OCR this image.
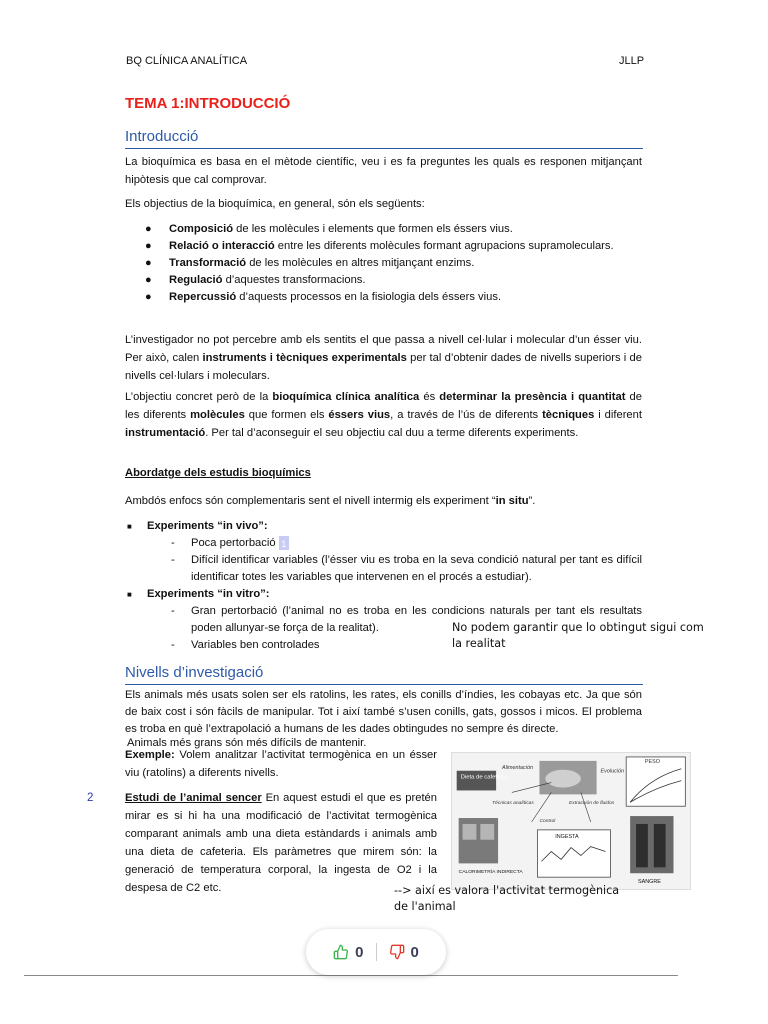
BQ CLÍNICA ANALÍTICA	JLLP
TEMA 1:INTRODUCCIÓ
Introducció
La bioquímica es basa en el mètode científic, veu i es fa preguntes les quals es responen mitjançant hipòtesis que cal comprovar.
Els objectius de la bioquímica, en general, són els següents:
● Composició de les molècules i elements que formen els éssers vius.
● Relació o interacció entre les diferents molècules formant agrupacions supramoleculars.
● Transformació de les molècules en altres mitjançant enzims.
● Regulació d’aquestes transformacions.
● Repercussió d’aquests processos en la fisiologia dels éssers vius.
L’investigador no pot percebre amb els sentits el que passa a nivell cel·lular i molecular d’un ésser viu. Per això, calen instruments i tècniques experimentals per tal d’obtenir dades de nivells superiors i de nivells cel·lulars i moleculars.
L’objectiu concret però de la bioquímica clínica analítica és determinar la presència i quantitat de les diferents molècules que formen els éssers vius, a través de l’ús de diferents tècniques i diferent instrumentació. Per tal d’aconseguir el seu objectiu cal duu a terme diferents experiments.
Abordatge dels estudis bioquímics
Ambdós enfocs són complementaris sent el nivell intermig els experiment “in situ”.
■ Experiments “in vivo”:
- Poca pertorbació 1
- Difícil identificar variables (l’ésser viu es troba en la seva condició natural per tant es difícil identificar totes les variables que intervenen en el procés a estudiar).
■ Experiments “in vitro”:
- Gran pertorbació (l’animal no es troba en les condicions naturals per tant els resultats poden allunyar-se força de la realitat).
- Variables ben controlades
No podem garantir que lo obtingut sigui com la realitat
Nivells d’investigació
Els animals més usats solen ser els ratolins, les rates, els conills d’índies, les cobayas etc. Ja que són de baix cost i són fàcils de manipular. Tot i així també s’usen conills, gats, gossos i micos. El problema es troba en què l’extrapolació a humans de les dades obtingudes no sempre és directe.
Animals més grans són més difícils de mantenir.
Exemple: Volem analitzar l’activitat termogènica en un ésser viu (ratolins) a diferents nivells.
2	Estudi de l’animal sencer En aquest estudi el que es pretén mirar es si hi ha una modificació de l’activitat termogènica comparant animals amb una dieta estàndards i animals amb una dieta de cafeteria. Els paràmetres que mirem són: la generació de temperatura corporal, la ingesta de O2 i la despesa de C2 etc.
Dieta de cafeteria
Alimentación
Evolución
PESO
Técnicas analíticas	Extracción de fluidos
Control
CALORIMETRÍA INDIRECTA
INGESTA
SANGRE
--> així es valora l'activitat termogènica de l'animal
0	0
